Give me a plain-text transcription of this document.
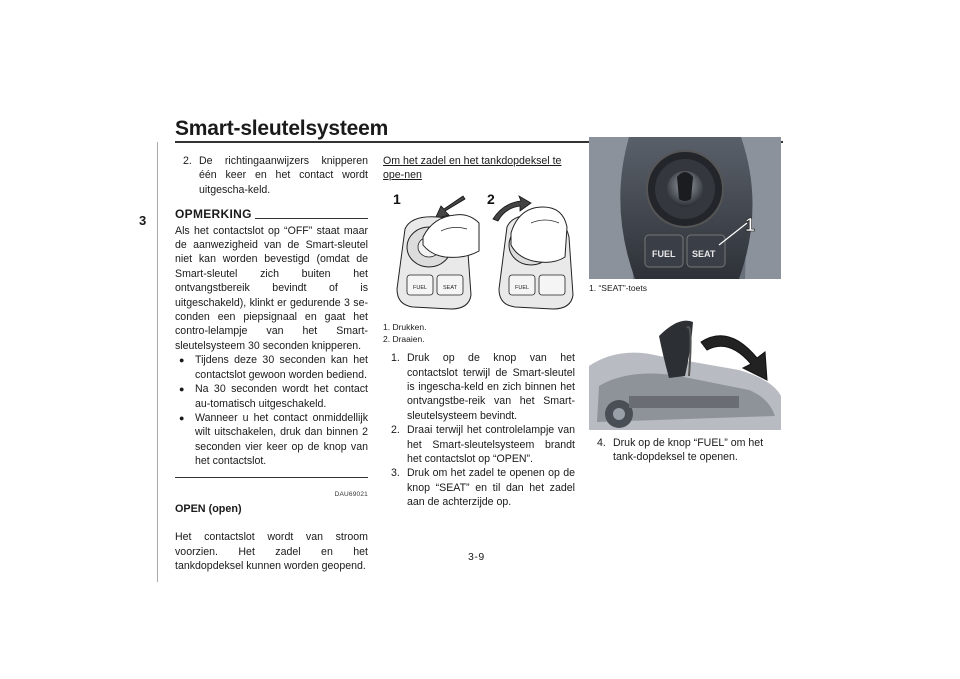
Smart-sleutelsysteem
3
2. De richtingaanwijzers knipperen één keer en het contact wordt uitgescha-keld.
OPMERKING

Als het contactslot op “OFF” staat maar de aanwezigheid van de Smart-sleutel niet kan worden bevestigd (omdat de Smart-sleutel zich buiten het ontvangstbereik bevindt of is uitgeschakeld), klinkt er gedurende 3 se-conden een piepsignaal en gaat het contro-lelampje van het Smart-sleutelsysteem 30 seconden knipperen.

● Tijdens deze 30 seconden kan het contactslot gewoon worden bediend.
● Na 30 seconden wordt het contact au-tomatisch uitgeschakeld.
● Wanneer u het contact onmiddellijk wilt uitschakelen, druk dan binnen 2 seconden vier keer op de knop van het contactslot.
DAU69021
OPEN (open)

Het contactslot wordt van stroom voorzien. Het zadel en het tankdopdeksel kunnen worden geopend.

Om het zadel en het tankdopdeksel te ope-nen

1	2
FUEL	SEAT	FUEL
1. Drukken.
2. Draaien.
1. Druk op de knop van het contactslot terwijl de Smart-sleutel is ingescha-keld en zich binnen het ontvangstbe-reik van het Smart-sleutelsysteem bevindt.
2. Draai terwijl het controlelampje van het Smart-sleutelsysteem brandt het contactslot op “OPEN”.
3. Druk om het zadel te openen op de knop “SEAT” en til dan het zadel aan de achterzijde op.
FUEL SEAT
1
1. “SEAT”-toets
4. Druk op de knop “FUEL” om het tank-dopdeksel te openen.
3-9
